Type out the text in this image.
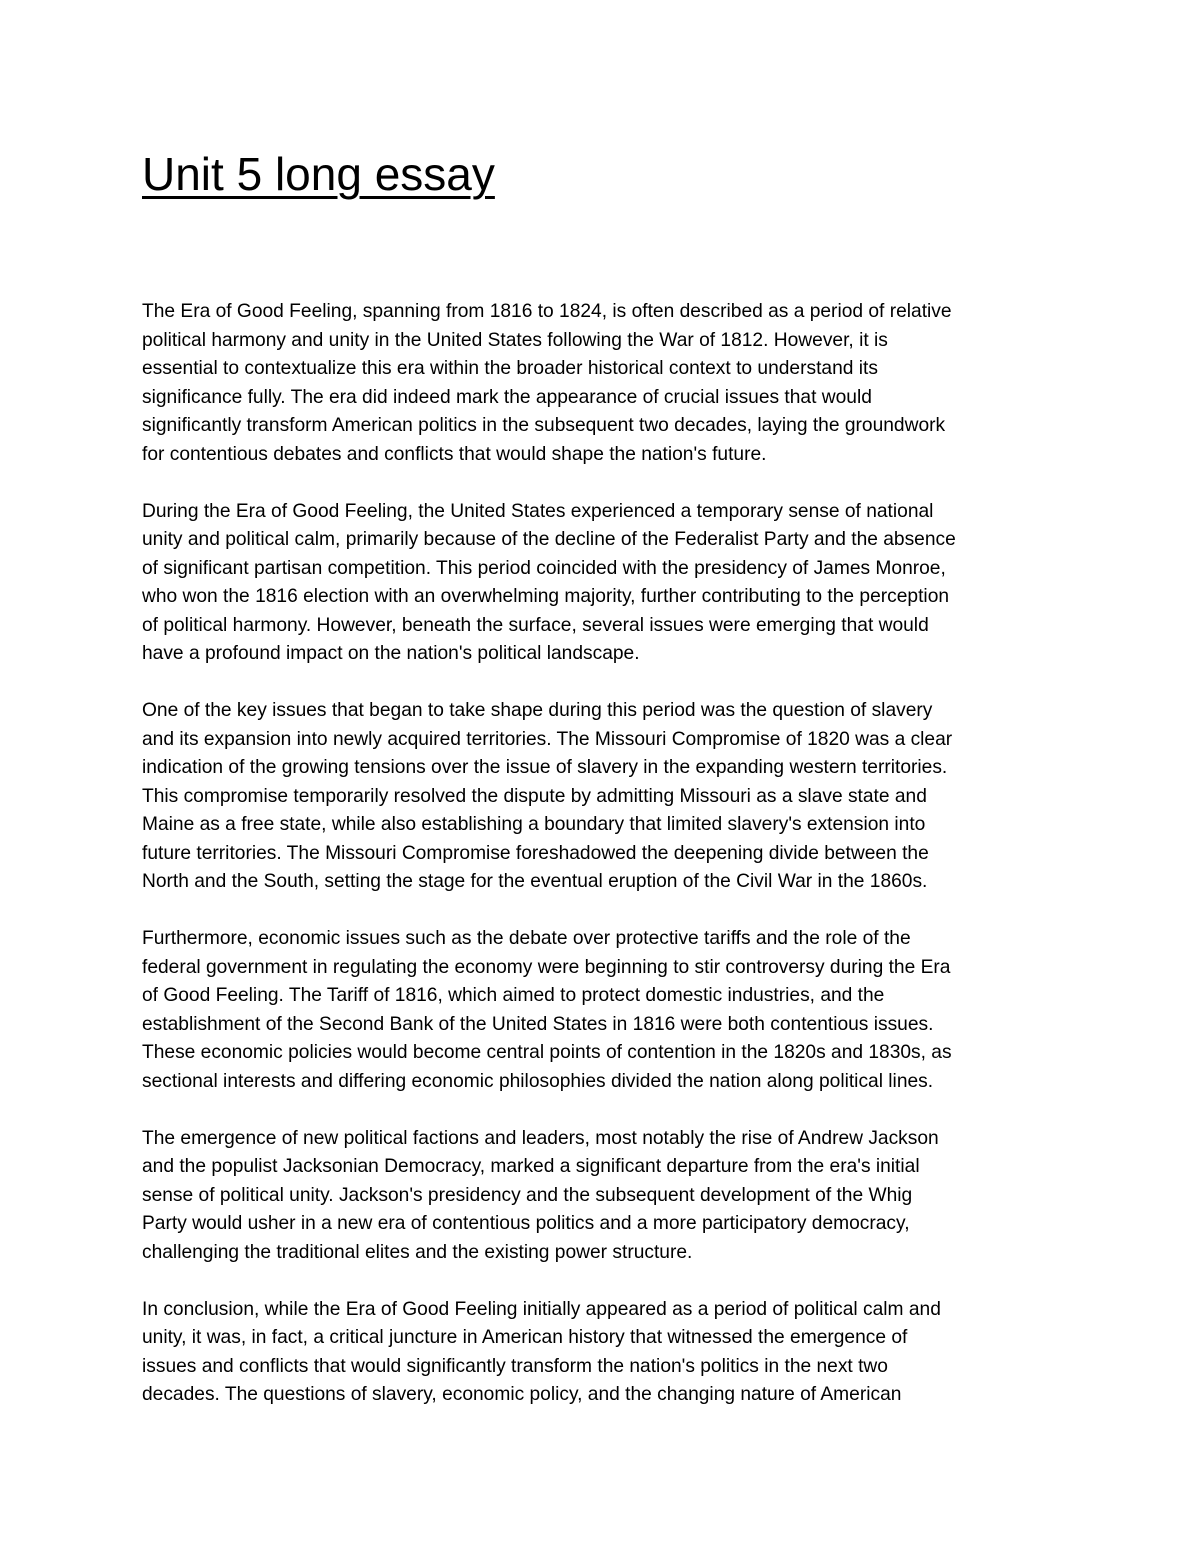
Unit 5 long essay

The Era of Good Feeling, spanning from 1816 to 1824, is often described as a period of relative
political harmony and unity in the United States following the War of 1812. However, it is
essential to contextualize this era within the broader historical context to understand its
significance fully. The era did indeed mark the appearance of crucial issues that would
significantly transform American politics in the subsequent two decades, laying the groundwork
for contentious debates and conflicts that would shape the nation's future.

During the Era of Good Feeling, the United States experienced a temporary sense of national
unity and political calm, primarily because of the decline of the Federalist Party and the absence
of significant partisan competition. This period coincided with the presidency of James Monroe,
who won the 1816 election with an overwhelming majority, further contributing to the perception
of political harmony. However, beneath the surface, several issues were emerging that would
have a profound impact on the nation's political landscape.

One of the key issues that began to take shape during this period was the question of slavery
and its expansion into newly acquired territories. The Missouri Compromise of 1820 was a clear
indication of the growing tensions over the issue of slavery in the expanding western territories.
This compromise temporarily resolved the dispute by admitting Missouri as a slave state and
Maine as a free state, while also establishing a boundary that limited slavery's extension into
future territories. The Missouri Compromise foreshadowed the deepening divide between the
North and the South, setting the stage for the eventual eruption of the Civil War in the 1860s.

Furthermore, economic issues such as the debate over protective tariffs and the role of the
federal government in regulating the economy were beginning to stir controversy during the Era
of Good Feeling. The Tariff of 1816, which aimed to protect domestic industries, and the
establishment of the Second Bank of the United States in 1816 were both contentious issues.
These economic policies would become central points of contention in the 1820s and 1830s, as
sectional interests and differing economic philosophies divided the nation along political lines.

The emergence of new political factions and leaders, most notably the rise of Andrew Jackson
and the populist Jacksonian Democracy, marked a significant departure from the era's initial
sense of political unity. Jackson's presidency and the subsequent development of the Whig
Party would usher in a new era of contentious politics and a more participatory democracy,
challenging the traditional elites and the existing power structure.

In conclusion, while the Era of Good Feeling initially appeared as a period of political calm and
unity, it was, in fact, a critical juncture in American history that witnessed the emergence of
issues and conflicts that would significantly transform the nation's politics in the next two
decades. The questions of slavery, economic policy, and the changing nature of American
